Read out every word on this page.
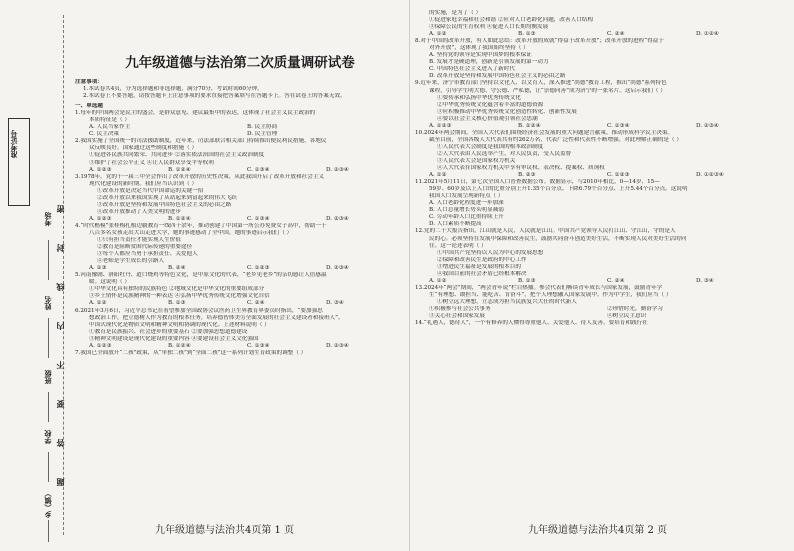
准考证号
考场
姓名
班级
学校
乡（镇）
密
封
线
内
不
要
答
题
九年级道德与法治第二次质量调研试卷
注意事项：
1.本试卷共4页，分为选择题和非选择题，满分70分，考试时间60分钟。
2.本试卷上不要答题，请按答题卡上注意事项的要求直接把答案填写在答题卡上。答在试卷上的答案无效。
一、单选题
1.每年的中国两会是民主的盛会，是群众意见、建议最集中的表达，这体现了社会主义民主政治的
本质特征是（ ）
A. 人民当家作主	B. 民主协商
C. 民主决策	D. 民主管理
2.我国实施了全国统一的司法援助制度，近年来，司法部联合相关部门持续推出便民利民措施，各地民
众反映良好。国家通过这些制度和措施（ ）
①促进各民族共同繁荣、共同进步 ②落实依法治国的社会主义政治制度
③维护了社会公平正义 ④让人民群众享受平等权利
A. ①②③	B. ①②④	C. ①③④	D. ②③④
3.1978年，党的十一届三中全会作出了改革开放的历史性决策，从此我国开启了改革开放和社会主义
现代化建设的新时期。我们应当认识到（ ）
①改革开放是决定当代中国命运的关键一招
②改革开放以来我国实现了从站起来到富起来的伟大飞跃
③改革开放是坚持和发展中国特色社会主义的必由之路
④改革开放推动了人类文明的进步
A. ①②③	B. ①②④	C. ①③④	D. ②③④
4.“时代楷模”张桂梅扎根边疆教育一线四十余年，推动创建了中国第一所公办免费女子高中，帮助一千
八百多名女孩走出大山走进大学，她的事迹感动了全中国。她的事迹启示我们（ ）
①只有担当责任才能实现人生价值
②教育是阻断贫困代际传递的重要途径
③每个人都应当勇于承担责任、关爱他人
④老师是学生成长的引路人
A. ①③	B. ②④	C. ①②③	D. ②③④
5.河南豫剧、洛阳牡丹、道口烧鸡等特色文化，是中原文化的代表，“老乡见老乡”的亲切感让人倍感温
暖。这说明（ ）
①中华文化具有独特的民族特色 ②地域文化是中华文化的重要组成部分
③乡土情怀是民族精神的一种表达 ④弘扬中华优秀传统文化增强文化自信
A. ①②	B. ①③	C. ②④	D. ③④
6.2021年3月6日，习近平总书记在看望参加全国政协会议医药卫生界教育界委员时指出，“要加强思
想政治工作，把立德树人作为教育的根本任务，培养德智体美劳全面发展的社会主义建设者和接班人”。
中国式现代化是物质文明和精神文明相协调的现代化。上述材料说明（ ）
①教育是民族振兴、社会进步的重要基石 ②要加强思想道德建设
③精神文明建设是现代化建设的重要内容 ④要建设社会主义文化强国
A. ①②③	B. ①②④	C. ①③④	D. ②③④
7.我国已全面放开“二孩”政策，从“单独二孩”到“全面二孩”这一系列计划生育政策的调整（ ）
的实施，是为了（ ）
①促进家庭幸福和社会和谐 ②应对人口老龄化问题，改善人口结构
③保障公民的生育权利 ④促进人口长期均衡发展
A. ①②	B. ①③	C. ②④	D. ①②④
8.对于中国的改革开放，有人如此总结：改革开放的成就“得益于改革开放”；改革开放的进程“得益于
对外开放”，这体现了我国始终坚持（ ）
A. 坚持党的领导是实现中国梦的根本保证
B. 发展才是硬道理，创新是引领发展的第一动力
C. 中国特色社会主义进入了新时代
D. 改革开放是坚持和发展中国特色社会主义的必由之路
9.近年来，济宁市教育部门坚持以文化人、以文育人，深入推进“尚德”教育工程，推出“尚德”系列特色
课程，引导学生明大德、守公德、严私德，让“崇德向善”成为济宁的一张名片。这启示我们（ ）
①要传承和弘扬中华优秀传统文化
②中华优秀传统文化蕴含着丰富的道德资源
③应积极推动中华优秀传统文化创造性转化、创新性发展
④要以社会主义核心价值观引领社会思潮
A. ①②③	B. ①②④	C. ①③④	D. ②③④
10.2024年两会期间，全国人大代表们围绕经济社会发展的重大问题建言献策，推动形成科学民主决策。
截至目前，全国各级人大代表共有约262万名，代表广泛性和代表性不断增强。对此理解正确的是（ ）
①人民代表大会制度是我国的根本政治制度
②人大代表由人民选举产生，对人民负责，受人民监督
③人民代表大会是国家权力机关
④人大代表在国家权力机关中享有审议权、表决权、提案权、质询权
A. ①②	B. ②③	C. ①②③	D. ①②③④
11.2021年5月11日，第七次全国人口普查数据公布。数据显示，与2010年相比，0—14岁、15—
59岁、60岁及以上人口的比重分别上升1.35个百分点、下降6.79个百分点、上升5.44个百分点。这说明
我国人口发展呈现新特点（ ）
A. 人口老龄化程度进一步加深
B. 人口总量增长势头明显减弱
C. 劳动年龄人口比重持续上升
D. 人口素质不断提高
12.党的二十大报告指出，江山就是人民，人民就是江山。中国共产党领导人民打江山、守江山，守的是人
民的心。必须坚持在发展中保障和改善民生，鼓励共同奋斗创造美好生活，不断实现人民对美好生活的向
往。这一论述表明（ ）
①中国共产党坚持以人民为中心的发展思想
②保障和改善民生是政府的中心工作
③增进民生福祉是发展的根本目的
④我国目前的社会矛盾已经根本解决
A. ①②	B. ①③	C. ②④	D. ③④
13.2024年“两会”期间，“两会青年说”栏目热播。参会代表们畅谈青年成长与国家发展，鼓励青年学
生“有理想、敢担当、能吃苦、肯奋斗”，把个人理想融入国家发展中。作为中学生，我们应当（ ）
①树立远大理想，立志成为担当民族复兴大任的时代新人
①积极参与社会公共事务	②珍惜时光，勤奋学习
③关心社会和国家发展	④树立民主意识
14.“礼遇人，德待人”，一个有修养的人懂得尊重他人、关爱他人、待人友善。要培育和践行社
九年级道德与法治共4页第 1 页	九年级道德与法治共4页第 2 页
